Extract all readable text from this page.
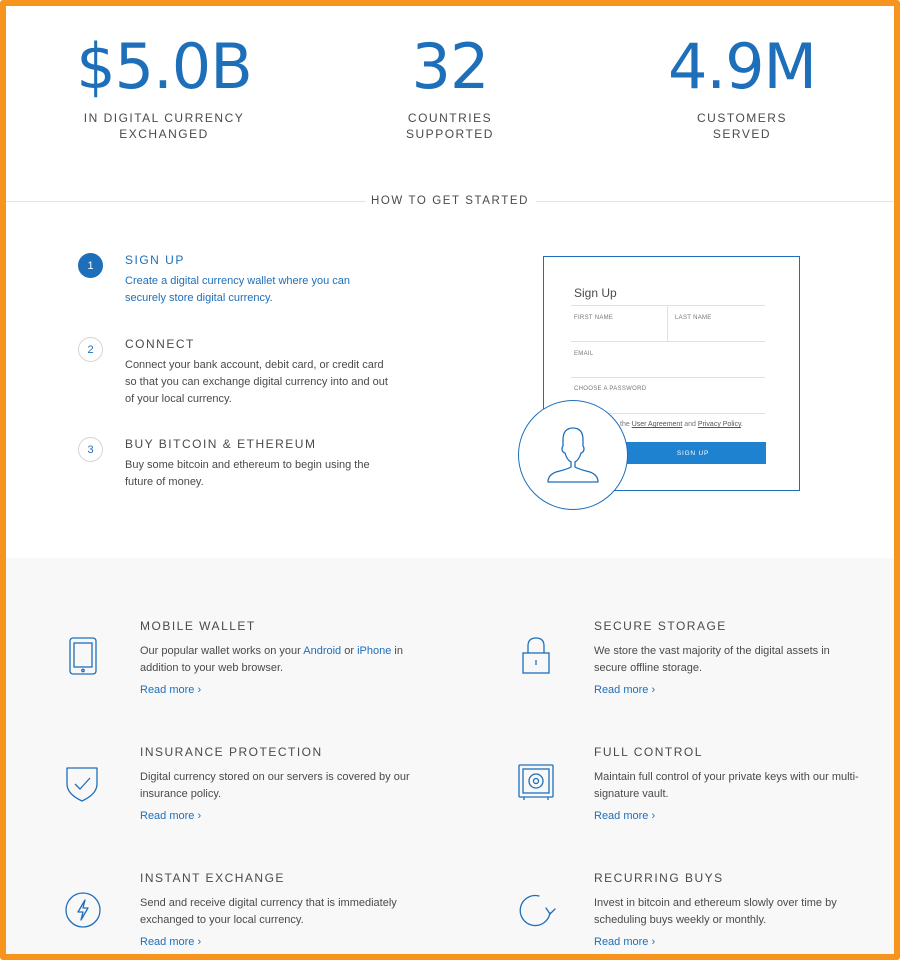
$5.0B
IN DIGITAL CURRENCY
EXCHANGED
32
COUNTRIES
SUPPORTED
4.9M
CUSTOMERS
SERVED
HOW TO GET STARTED
1	SIGN UP
Create a digital currency wallet where you can securely store digital currency.
2	CONNECT
Connect your bank account, debit card, or credit card so that you can exchange digital currency into and out of your local currency.
3	BUY BITCOIN & ETHEREUM
Buy some bitcoin and ethereum to begin using the future of money.
Sign Up
FIRST NAME	LAST NAME
EMAIL
CHOOSE A PASSWORD
the User Agreement and Privacy Policy.
SIGN UP
MOBILE WALLET
Our popular wallet works on your Android or iPhone in addition to your web browser.
Read more ›
SECURE STORAGE
We store the vast majority of the digital assets in secure offline storage.
Read more ›
INSURANCE PROTECTION
Digital currency stored on our servers is covered by our insurance policy.
Read more ›
FULL CONTROL
Maintain full control of your private keys with our multi-signature vault.
Read more ›
INSTANT EXCHANGE
Send and receive digital currency that is immediately exchanged to your local currency.
Read more ›
RECURRING BUYS
Invest in bitcoin and ethereum slowly over time by scheduling buys weekly or monthly.
Read more ›
